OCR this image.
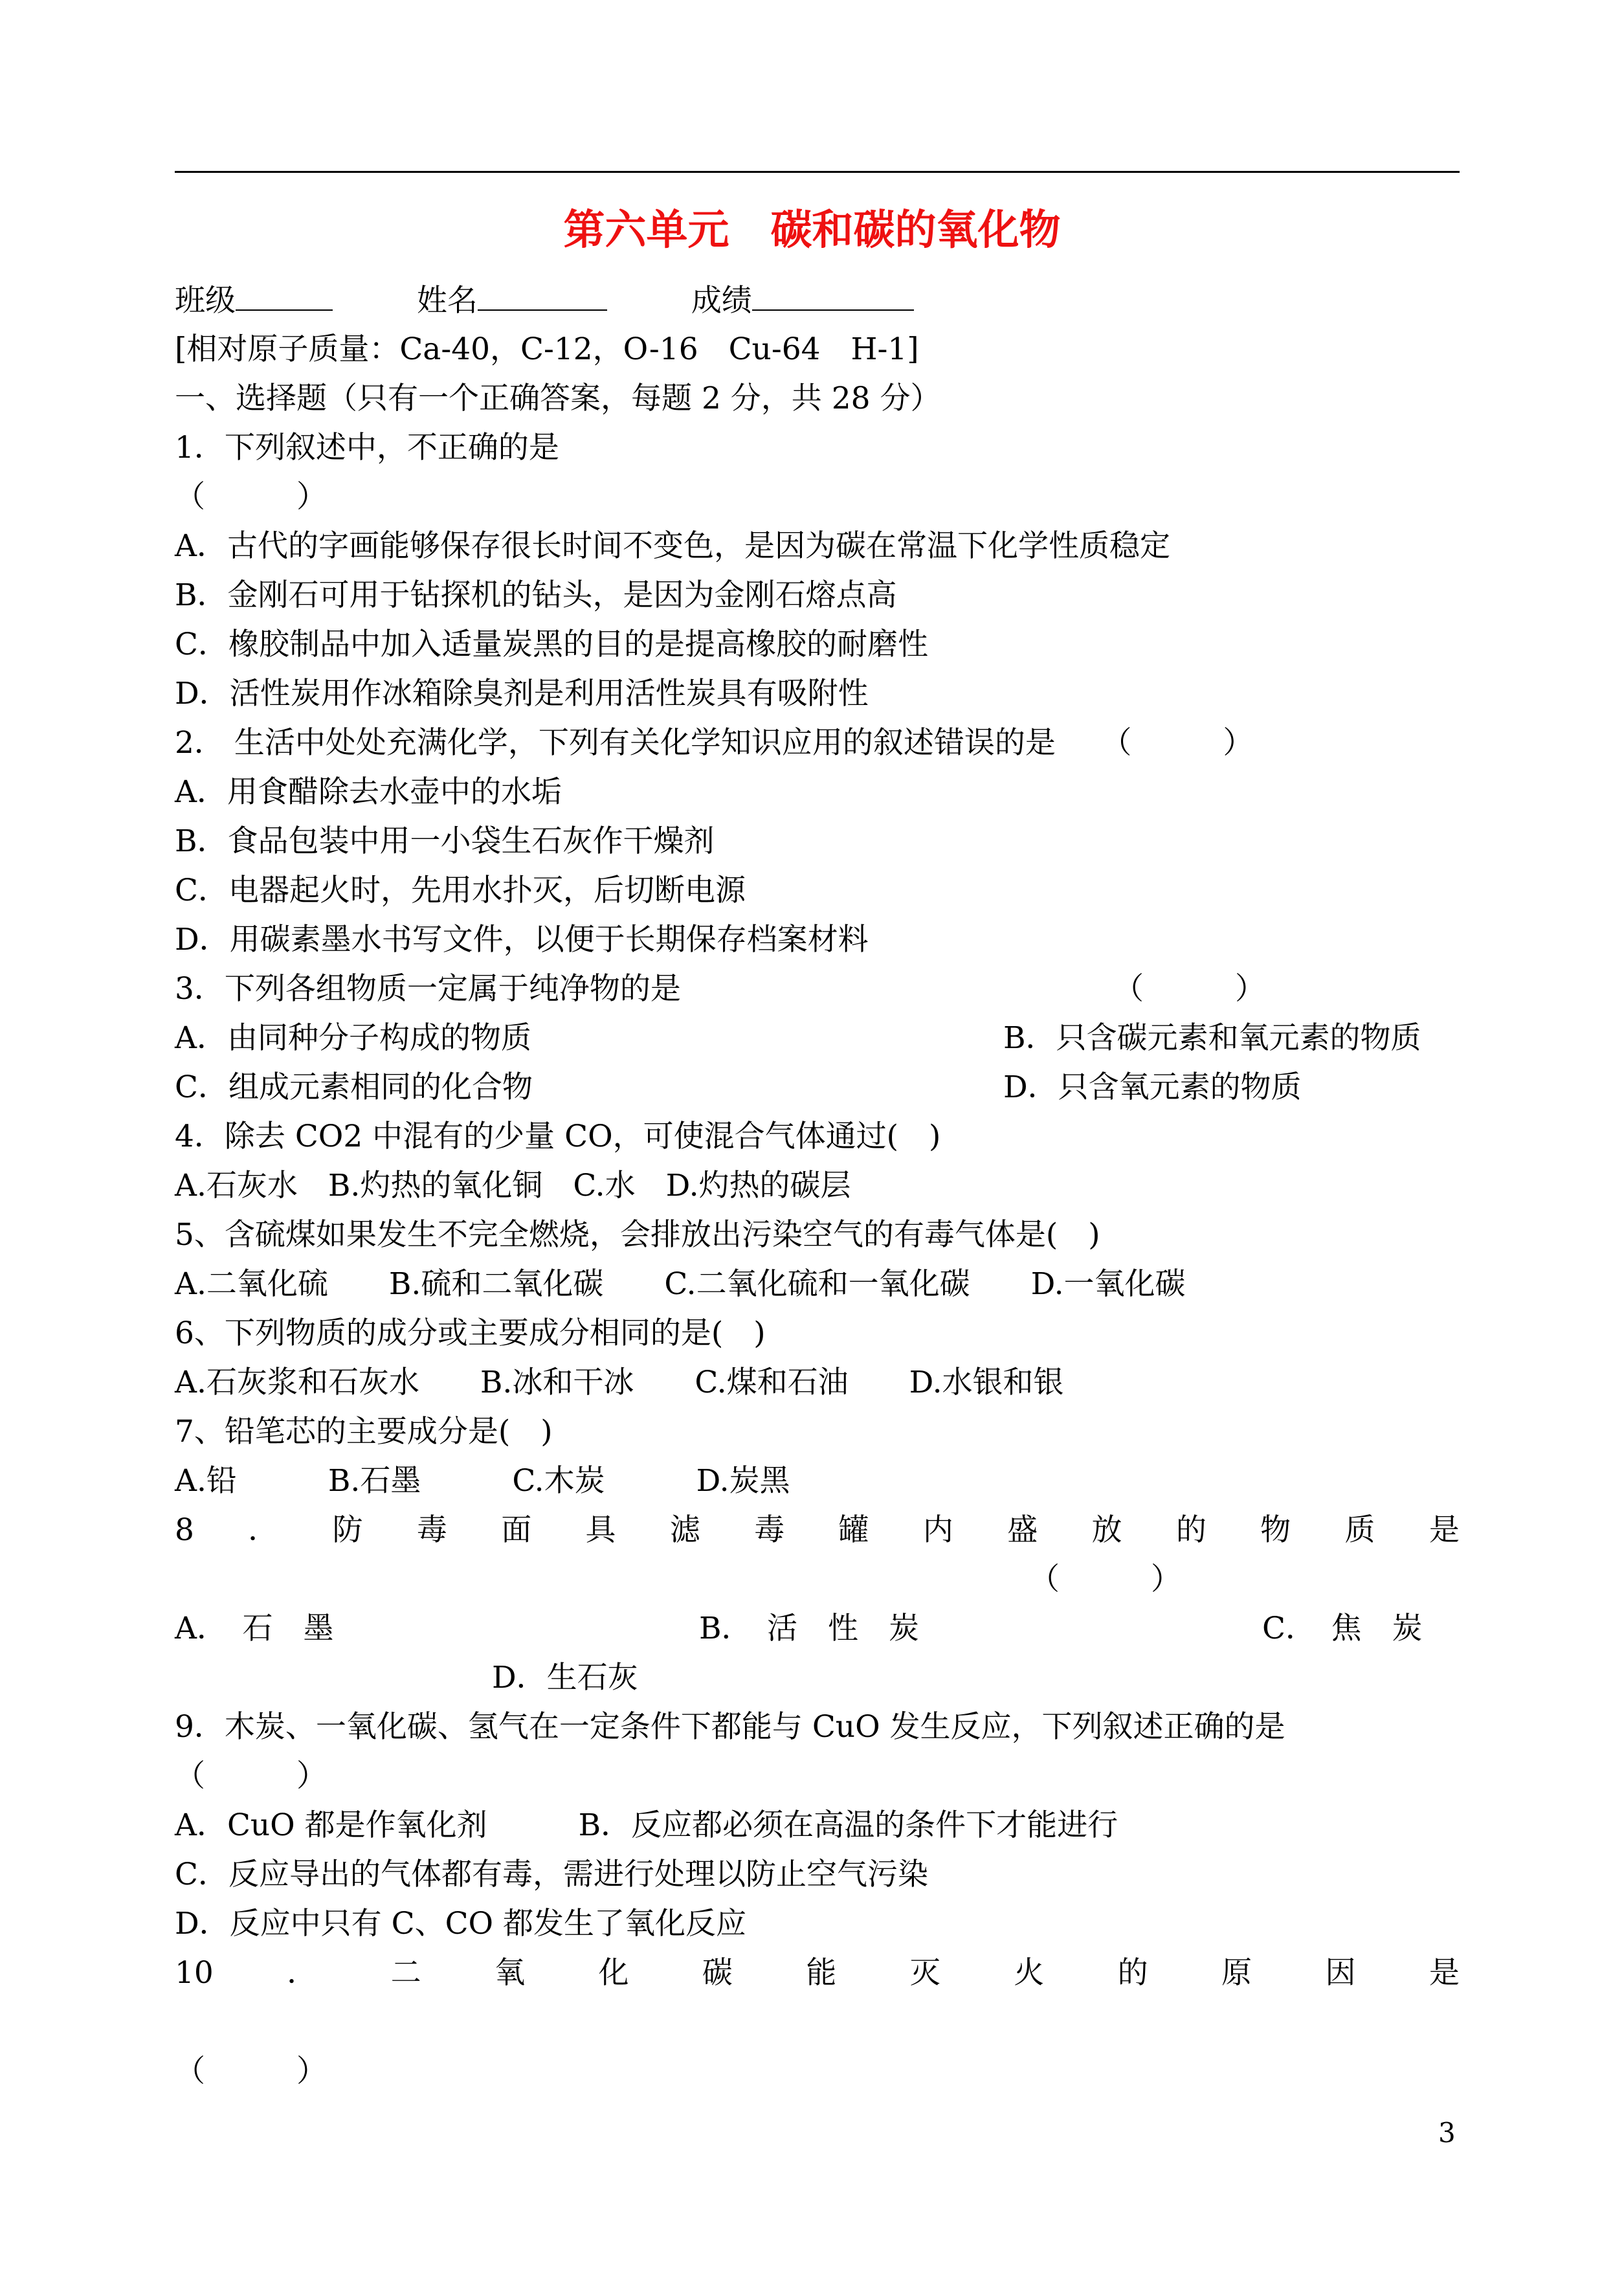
第六单元　碳和碳的氧化物
班级	姓名	成绩
[相对原子质量：Ca-40，C-12，O-16　Cu-64　H-1]
一、选择题（只有一个正确答案，每题 2 分，共 28 分）
1．下列叙述中，不正确的是
（　　　）
A．古代的字画能够保存很长时间不变色，是因为碳在常温下化学性质稳定
B．金刚石可用于钻探机的钻头，是因为金刚石熔点高
C．橡胶制品中加入适量炭黑的目的是提高橡胶的耐磨性
D．活性炭用作冰箱除臭剂是利用活性炭具有吸附性
2． 生活中处处充满化学，下列有关化学知识应用的叙述错误的是　　（　　　）
A．用食醋除去水壶中的水垢
B．食品包装中用一小袋生石灰作干燥剂
C．电器起火时，先用水扑灭，后切断电源
D．用碳素墨水书写文件，以便于长期保存档案材料
3．下列各组物质一定属于纯净物的是	（　　　）
A．由同种分子构成的物质	B．只含碳元素和氧元素的物质
C．组成元素相同的化合物	D．只含氧元素的物质
4．除去 CO2 中混有的少量 CO，可使混合气体通过(　)
A.石灰水　B.灼热的氧化铜　C.水　D.灼热的碳层
5、含硫煤如果发生不完全燃烧，会排放出污染空气的有毒气体是(　)
A.二氧化硫　　B.硫和二氧化碳　　C.二氧化硫和一氧化碳　　D.一氧化碳
6、下列物质的成分或主要成分相同的是(　)
A.石灰浆和石灰水　　B.冰和干冰　　C.煤和石油　　D.水银和银
7、铅笔芯的主要成分是(　)
A.铅　　　B.石墨　　　C.木炭　　　D.炭黑
8 ． 防 毒 面 具 滤 毒 罐 内 盛 放 的 物 质 是
（　　　）
A．　石　墨	B．　活　性　炭	C．　焦　炭
D．生石灰
9．木炭、一氧化碳、氢气在一定条件下都能与 CuO 发生反应，下列叙述正确的是
（　　　）
A．CuO 都是作氧化剂　　　B．反应都必须在高温的条件下才能进行
C．反应导出的气体都有毒，需进行处理以防止空气污染
D．反应中只有 C、CO 都发生了氧化反应
10 ． 二 氧 化 碳 能 灭 火 的 原 因 是
（　　　）
3
